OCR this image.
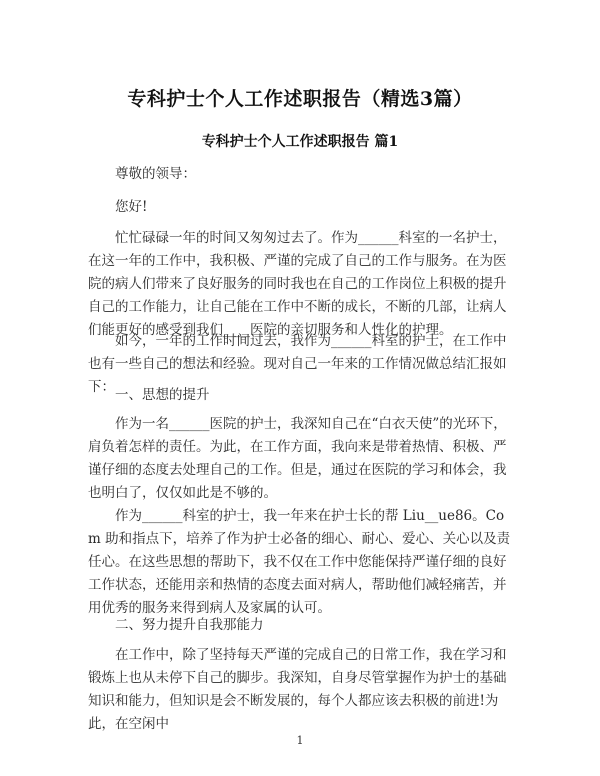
专科护士个人工作述职报告（精选3篇）
专科护士个人工作述职报告 篇1

尊敬的领导：

您好!

忙忙碌碌一年的时间又匆匆过去了。作为______科室的一名护士，在这一年的工作中，我积极、严谨的完成了自己的工作与服务。在为医院的病人们带来了良好服务的同时我也在自己的工作岗位上积极的提升自己的工作能力，让自己能在工作中不断的成长，不断的几部，让病人们能更好的感受到我们____医院的亲切服务和人性化的护理。

如今，一年的工作时间过去，我作为______科室的护士，在工作中也有一些自己的想法和经验。现对自己一年来的工作情况做总结汇报如下： 一、思想的提升

作为一名______医院的护士，我深知自己在“白衣天使”的光环下，肩负着怎样的责任。为此，在工作方面，我向来是带着热情、积极、严谨仔细的态度去处理自己的工作。但是，通过在医院的学习和体会，我也明白了，仅仅如此是不够的。

作为______科室的护士，我一年来在护士长的帮 Liu__ue86。Com 助和指点下，培养了作为护士必备的细心、耐心、爱心、关心以及责任心。在这些思想的帮助下，我不仅在工作中您能保持严谨仔细的良好工作状态，还能用亲和热情的态度去面对病人，帮助他们减轻痛苦，并用优秀的服务来得到病人及家属的认可。

二、努力提升自我那能力

在工作中，除了坚持每天严谨的完成自己的日常工作，我在学习和锻炼上也从未停下自己的脚步。我深知，自身尽管掌握作为护士的基础知识和能力，但知识是会不断发展的，每个人都应该去积极的前进!为此，在空闲中

1
